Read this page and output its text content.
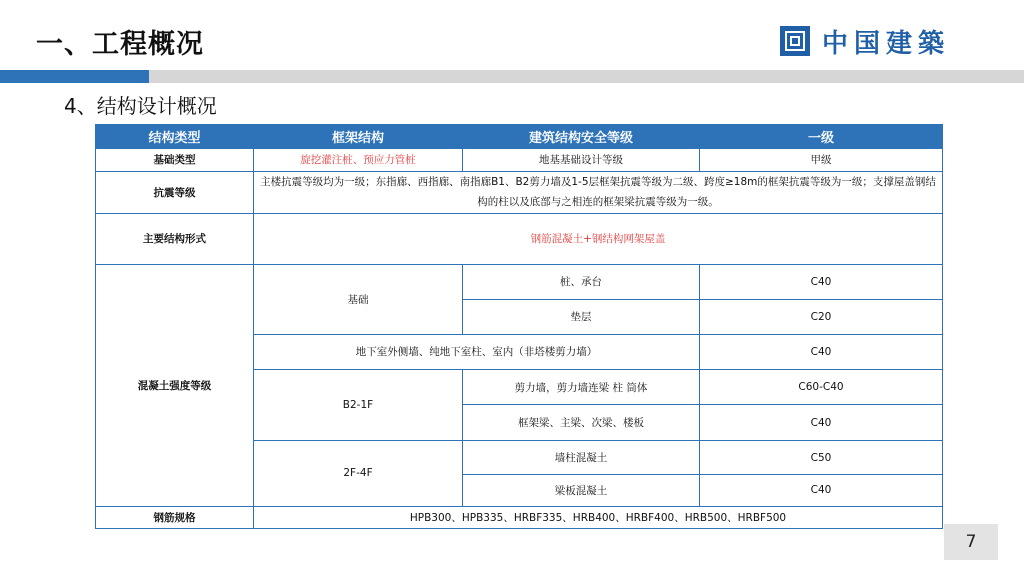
一、工程概况	中国建築
4、结构设计概况
结构类型	框架结构	建筑结构安全等级	一级
基础类型	旋挖灌注桩、预应力管桩	地基基础设计等级	甲级
抗震等级	主楼抗震等级均为一级；东指廊、西指廊、南指廊B1、B2剪力墙及1-5层框架抗震等级为二级、跨度≥18m的框架抗震等级为一级；支撑屋盖钢结构的柱以及底部与之相连的框架梁抗震等级为一级。		
主要结构形式	钢筋混凝土+钢结构网架屋盖		
混凝土强度等级	基础	桩、承台	C40
		垫层	C20
	地下室外侧墙、纯地下室柱、室内（非塔楼剪力墙）		C40
	B2-1F	剪力墙，剪力墙连梁 柱 筒体	C60-C40
		框架梁、主梁、次梁、楼板	C40
	2F-4F	墙柱混凝土	C50
		梁板混凝土	C40
钢筋规格	HPB300、HPB335、HRBF335、HRB400、HRBF400、HRB500、HRBF500		
7
